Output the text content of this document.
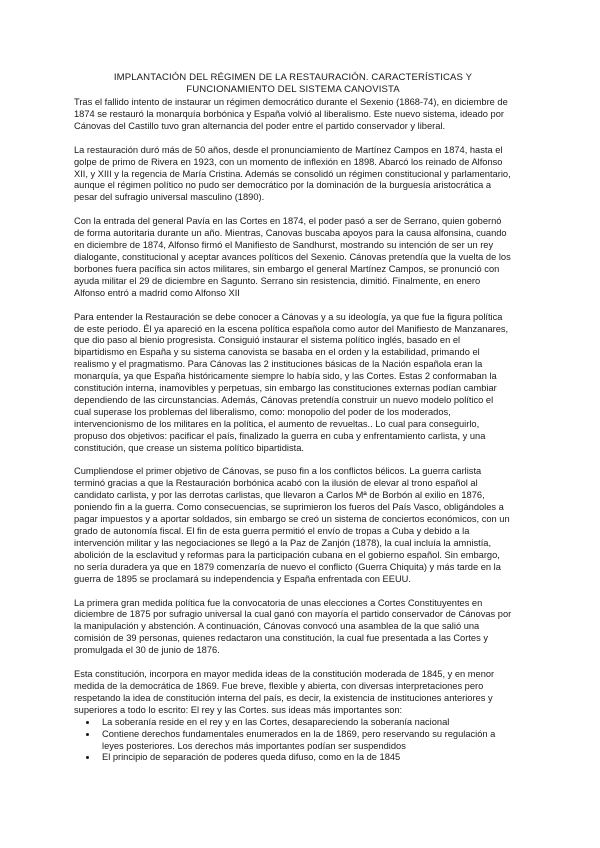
IMPLANTACIÓN DEL RÉGIMEN DE LA RESTAURACIÓN. CARACTERÍSTICAS Y
FUNCIONAMIENTO DEL SISTEMA CANOVISTA

Tras el fallido intento de instaurar un régimen democrático durante el Sexenio (1868-74), en diciembre de 1874 se restauró la monarquía borbónica y España volvió al liberalismo. Este nuevo sistema, ideado por Cánovas del Castillo tuvo gran alternancia del poder entre el partido conservador y liberal.

La restauración duró más de 50 años, desde el pronunciamiento de Martínez Campos en 1874, hasta el golpe de primo de Rivera en 1923, con un momento de inflexión en 1898. Abarcó los reinado de Alfonso XII, y XIII y la regencia de María Cristina. Además se consolidó un régimen constitucional y parlamentario, aunque el régimen político no pudo ser democrático por la dominación de la burguesía aristocrática a pesar del sufragio universal masculino (1890).

Con la entrada del general Pavía en las Cortes en 1874, el poder pasó a ser de Serrano, quien gobernó de forma autoritaria durante un año. Mientras, Canovas buscaba apoyos para la causa alfonsina, cuando en diciembre de 1874, Alfonso firmó el Manifiesto de Sandhurst, mostrando su intención de ser un rey dialogante, constitucional y aceptar avances políticos del Sexenio. Cánovas pretendía que la vuelta de los borbones fuera pacífica sin actos militares, sin embargo el general Martínez Campos, se pronunció con ayuda militar el 29 de diciembre en Sagunto. Serrano sin resistencia, dimitió. Finalmente, en enero Alfonso entró a madrid como Alfonso XII

Para entender la Restauración se debe conocer a Cánovas y a su ideología, ya que fue la figura política de este periodo. Él ya apareció en la escena política española como autor del Manifiesto de Manzanares, que dio paso al bienio progresista. Consiguió instaurar el sistema político inglés, basado en el bipartidismo en España y su sistema canovista se basaba en el orden y la estabilidad, primando el realismo y el pragmatismo. Para Cánovas las 2 instituciones básicas de la Nación española eran la monarquía, ya que España históricamente siempre lo había sido, y las Cortes. Estas 2 conformaban la constitución interna, inamovibles y perpetuas, sin embargo las constituciones externas podían cambiar dependiendo de las circunstancias. Además, Cánovas pretendía construir un nuevo modelo político el cual superase los problemas del liberalismo, como: monopolio del poder de los moderados, intervencionismo de los militares en la política, el aumento de revueltas.. Lo cual para conseguirlo, propuso dos objetivos: pacificar el país, finalizado la guerra en cuba y enfrentamiento carlista, y una constitución, que crease un sistema político bipartidista.

Cumpliendose el primer objetivo de Cánovas, se puso fin a los conflictos bélicos. La guerra carlista terminó gracias a que la Restauración borbónica acabó con la ilusión de elevar al trono español al candidato carlista, y por las derrotas carlistas, que llevaron a Carlos Mª de Borbón al exilio en 1876, poniendo fin a la guerra. Como consecuencias, se suprimieron los fueros del País Vasco, obligándoles a pagar impuestos y a aportar soldados, sin embargo se creó un sistema de conciertos económicos, con un grado de autonomía fiscal. El fin de esta guerra permitió el envío de tropas a Cuba y debido a la intervención militar y las negociaciones se llegó a la Paz de Zanjón (1878), la cual incluía la amnistía, abolición de la esclavitud y reformas para la participación cubana en el gobierno español. Sin embargo, no sería duradera ya que en 1879 comenzaría de nuevo el conflicto (Guerra Chiquita) y más tarde en la guerra de 1895 se proclamará su independencia y España enfrentada con EEUU.

La primera gran medida política fue la convocatoria de unas elecciones a Cortes Constituyentes en diciembre de 1875 por sufragio universal la cual ganó con mayoría el partido conservador de Cánovas por la manipulación y abstención. A continuación, Cánovas convocó una asamblea de la que salió una comisión de 39 personas, quienes redactaron una constitución, la cual fue presentada a las Cortes y promulgada el 30 de junio de 1876.

Esta constitución, incorpora en mayor medida ideas de la constitución moderada de 1845, y en menor medida de la democrática de 1869. Fue breve, flexible y abierta, con diversas interpretaciones pero respetando la idea de constitución interna del país, es decir, la existencia de instituciones anteriores y superiores a todo lo escrito: El rey y las Cortes. sus ideas más importantes son:

• La soberanía reside en el rey y en las Cortes, desapareciendo la soberanía nacional
• Contiene derechos fundamentales enumerados en la de 1869, pero reservando su regulación a leyes posteriores. Los derechos más importantes podían ser suspendidos
• El principio de separación de poderes queda difuso, como en la de 1845
